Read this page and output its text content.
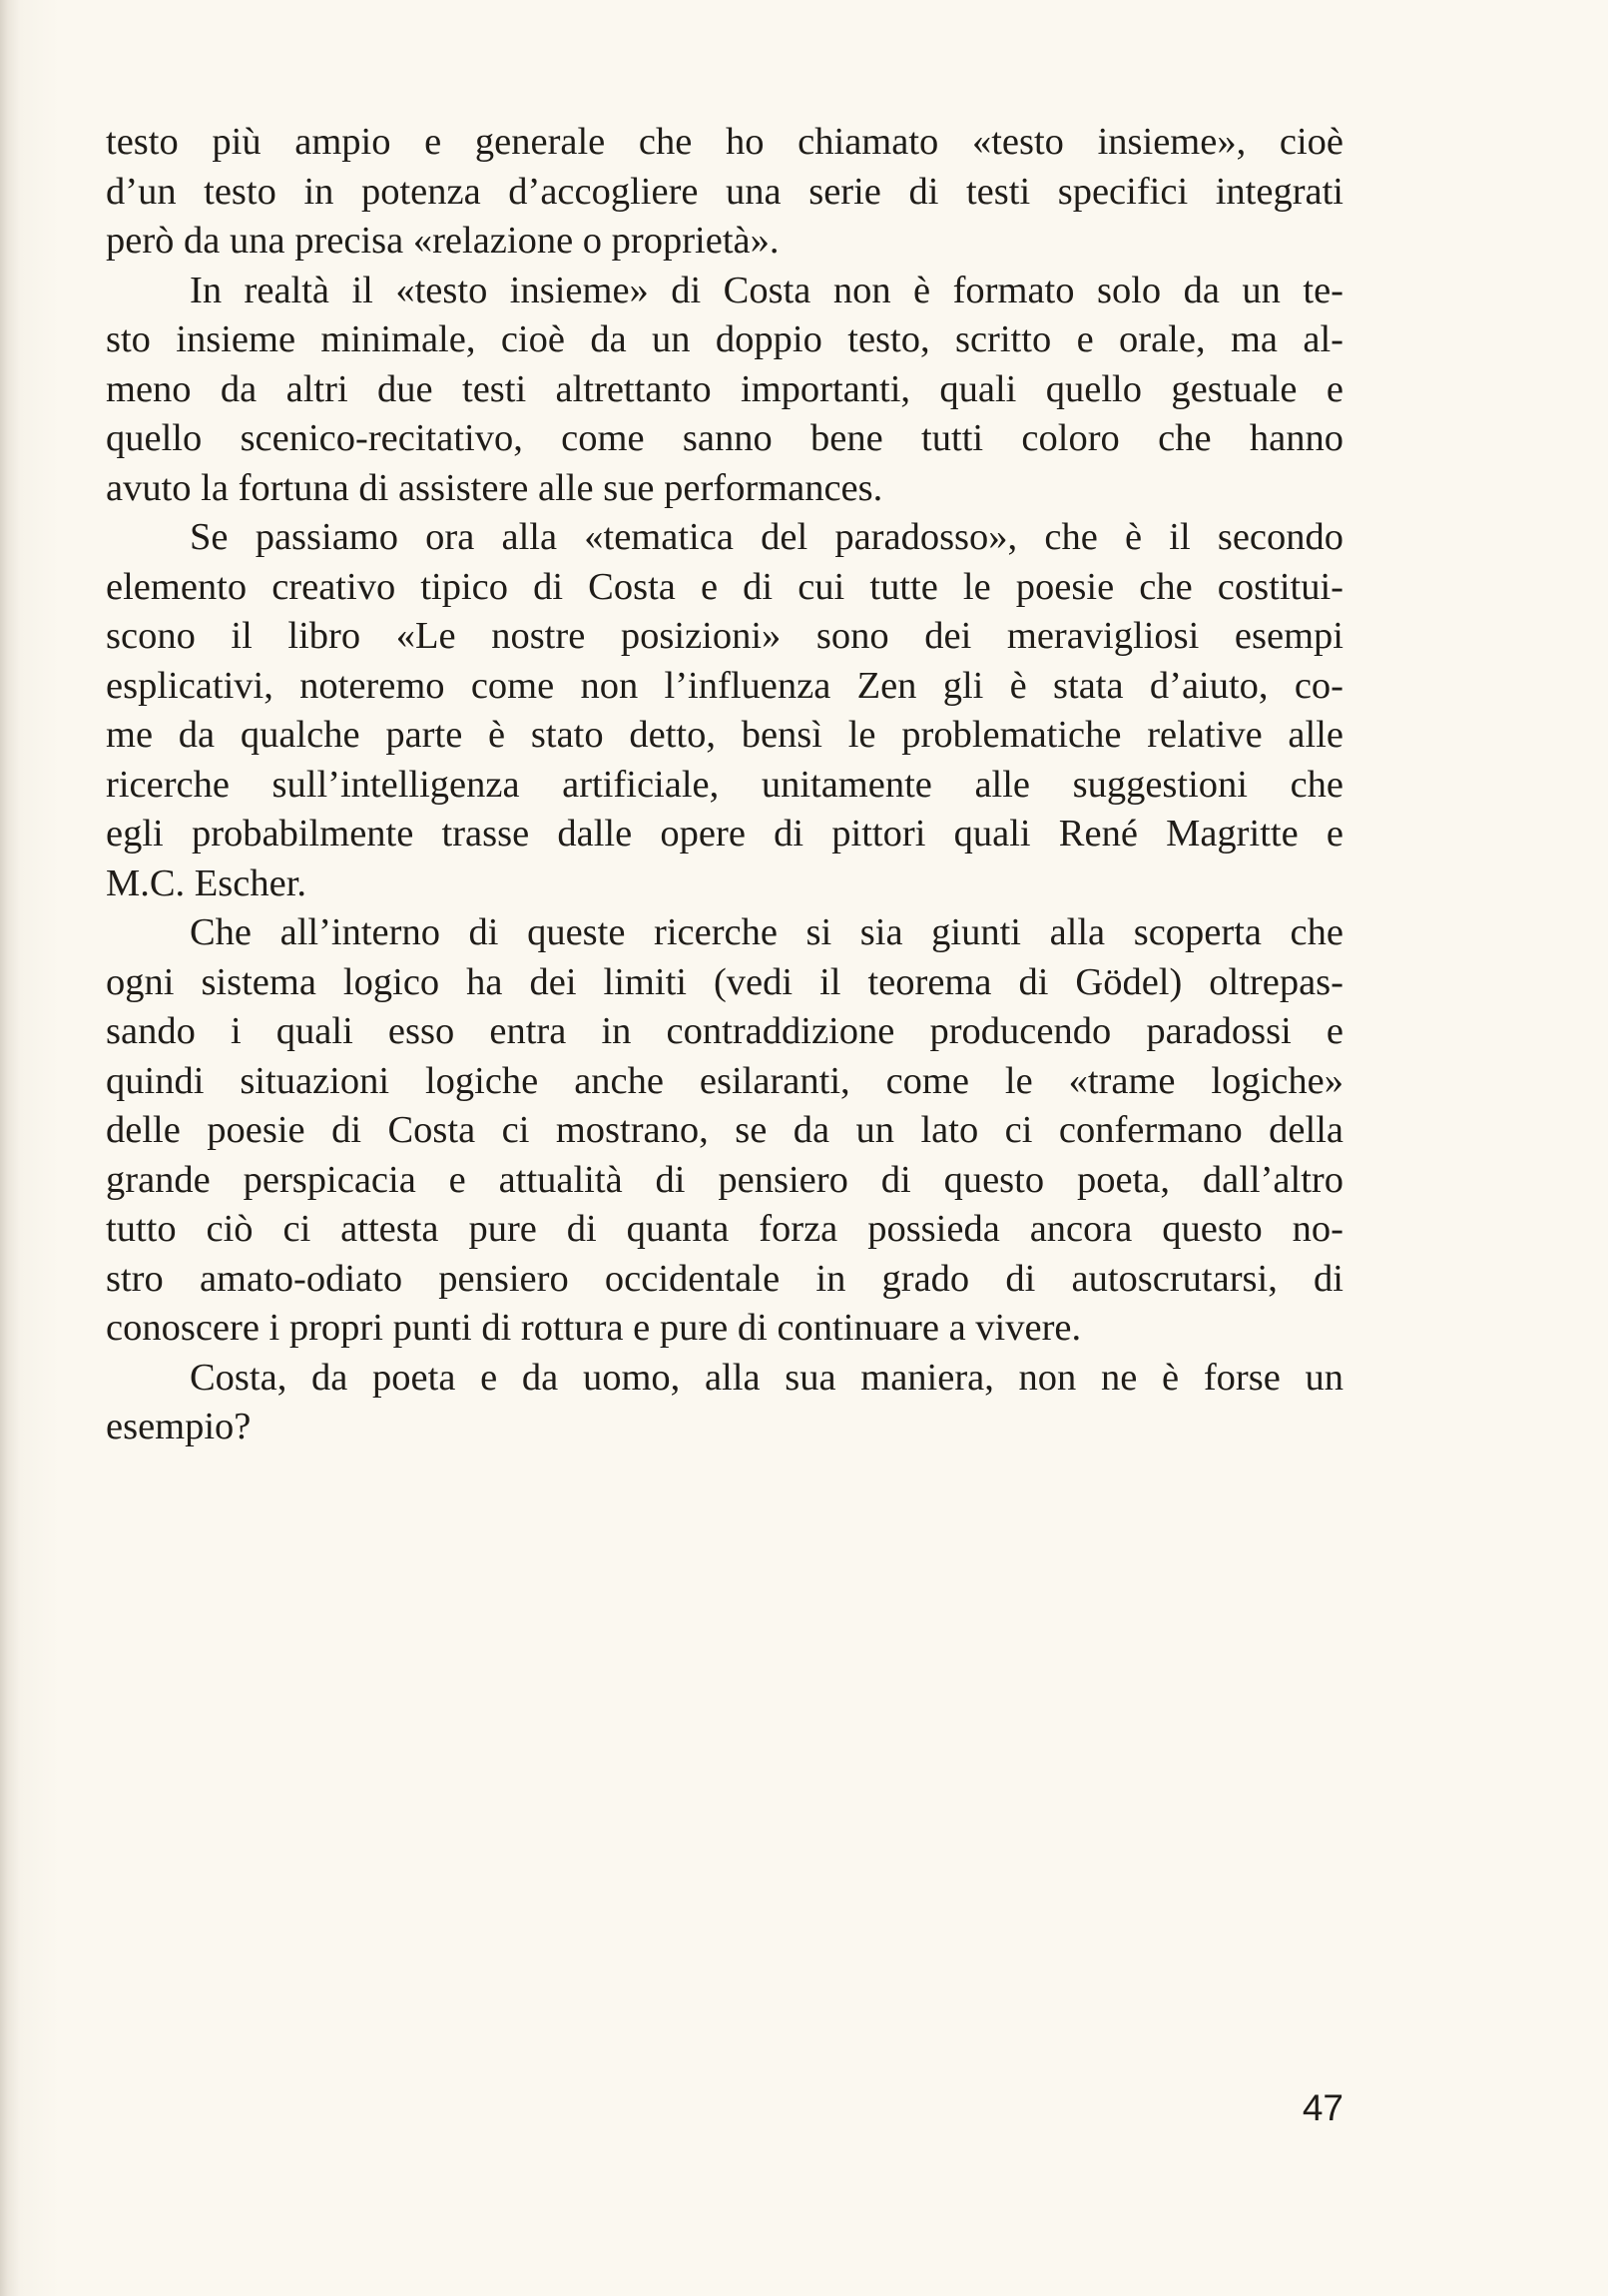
testo più ampio e generale che ho chiamato «testo insieme», cioè
d’un testo in potenza d’accogliere una serie di testi specifici integrati
però da una precisa «relazione o proprietà».
In realtà il «testo insieme» di Costa non è formato solo da un te-
sto insieme minimale, cioè da un doppio testo, scritto e orale, ma al-
meno da altri due testi altrettanto importanti, quali quello gestuale e
quello scenico-recitativo, come sanno bene tutti coloro che hanno
avuto la fortuna di assistere alle sue performances.
Se passiamo ora alla «tematica del paradosso», che è il secondo
elemento creativo tipico di Costa e di cui tutte le poesie che costitui-
scono il libro «Le nostre posizioni» sono dei meravigliosi esempi
esplicativi, noteremo come non l’influenza Zen gli è stata d’aiuto, co-
me da qualche parte è stato detto, bensì le problematiche relative alle
ricerche sull’intelligenza artificiale, unitamente alle suggestioni che
egli probabilmente trasse dalle opere di pittori quali René Magritte e
M.C. Escher.
Che all’interno di queste ricerche si sia giunti alla scoperta che
ogni sistema logico ha dei limiti (vedi il teorema di Gödel) oltrepas-
sando i quali esso entra in contraddizione producendo paradossi e
quindi situazioni logiche anche esilaranti, come le «trame logiche»
delle poesie di Costa ci mostrano, se da un lato ci confermano della
grande perspicacia e attualità di pensiero di questo poeta, dall’altro
tutto ciò ci attesta pure di quanta forza possieda ancora questo no-
stro amato-odiato pensiero occidentale in grado di autoscrutarsi, di
conoscere i propri punti di rottura e pure di continuare a vivere.
Costa, da poeta e da uomo, alla sua maniera, non ne è forse un
esempio?
47
